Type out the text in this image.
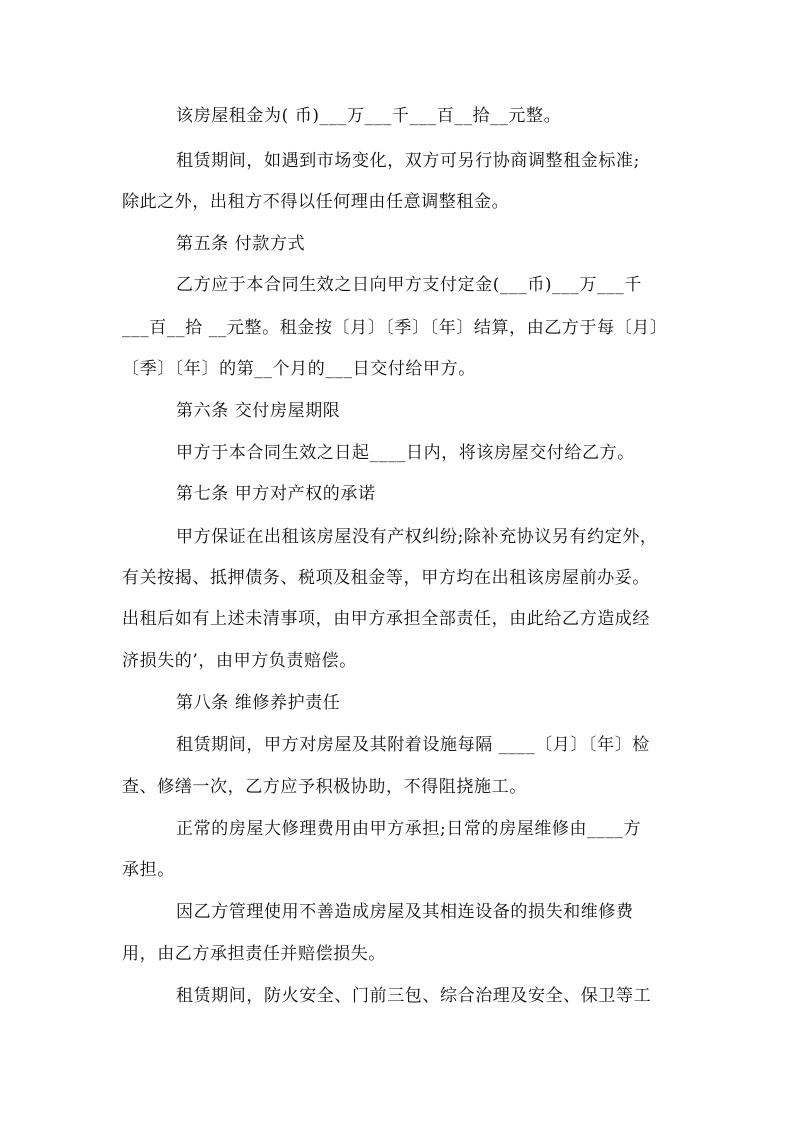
该房屋租金为( 币)___万___千___百__拾__元整。
租赁期间，如遇到市场变化，双方可另行协商调整租金标准;
除此之外，出租方不得以任何理由任意调整租金。
第五条 付款方式
乙方应于本合同生效之日向甲方支付定金(___币)___万___千
___百__拾 __元整。租金按〔月〕〔季〕〔年〕结算，由乙方于每〔月〕
〔季〕〔年〕的第__个月的___日交付给甲方。
第六条 交付房屋期限
甲方于本合同生效之日起____日内，将该房屋交付给乙方。
第七条 甲方对产权的承诺
甲方保证在出租该房屋没有产权纠纷;除补充协议另有约定外，
有关按揭、抵押债务、税项及租金等，甲方均在出租该房屋前办妥。
出租后如有上述未清事项，由甲方承担全部责任，由此给乙方造成经
济损失的’，由甲方负责赔偿。
第八条 维修养护责任
租赁期间，甲方对房屋及其附着设施每隔 ____〔月〕〔年〕检
查、修缮一次，乙方应予积极协助，不得阻挠施工。
正常的房屋大修理费用由甲方承担;日常的房屋维修由____方
承担。
因乙方管理使用不善造成房屋及其相连设备的损失和维修费
用，由乙方承担责任并赔偿损失。
租赁期间，防火安全、门前三包、综合治理及安全、保卫等工
